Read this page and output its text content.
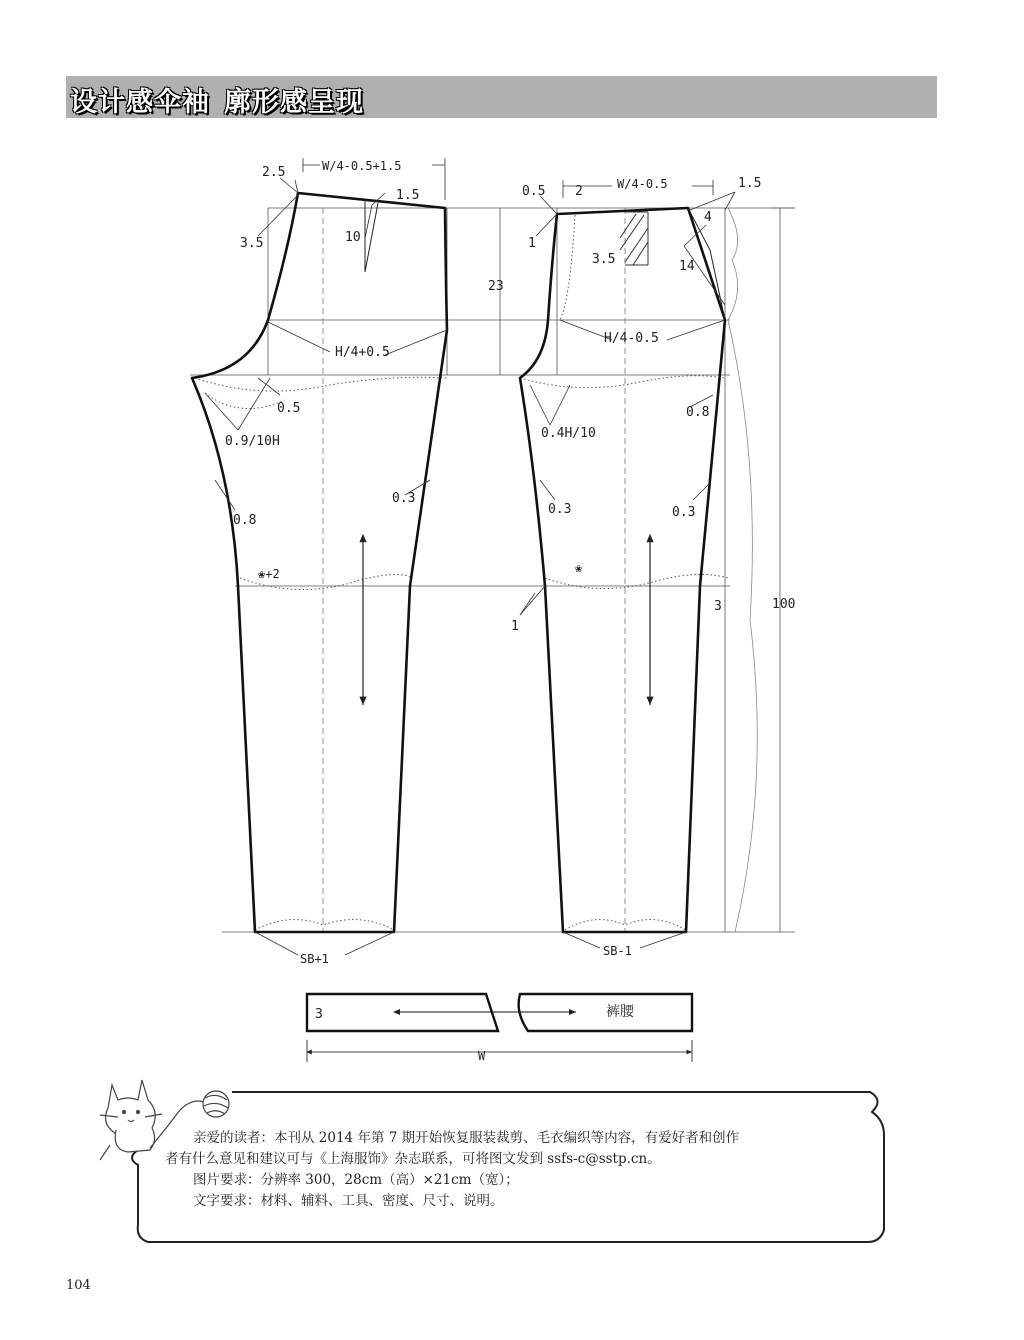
设计感伞袖 廓形感呈现
2.5	W/4-0.5+1.5
1.5
3.5	10
H/4+0.5
0.5
0.9/10H
0.8
0.3
❀+2
SB+1
23
100
0.5 2	W/4-0.5	1.5
1
3.5
4
14
H/4-0.5
0.4H/10
0.8
0.3	0.3
❀
1
3
SB-1
3	裤腰
W

亲爱的读者：本刊从 2014 年第 7 期开始恢复服装裁剪、毛衣编织等内容，有爱好者和创作

者有什么意见和建议可与《上海服饰》杂志联系，可将图文发到 ssfs-c@sstp.cn。

图片要求：分辨率 300，28cm（高）×21cm（宽）；

文字要求：材料、辅料、工具、密度、尺寸、说明。

104
